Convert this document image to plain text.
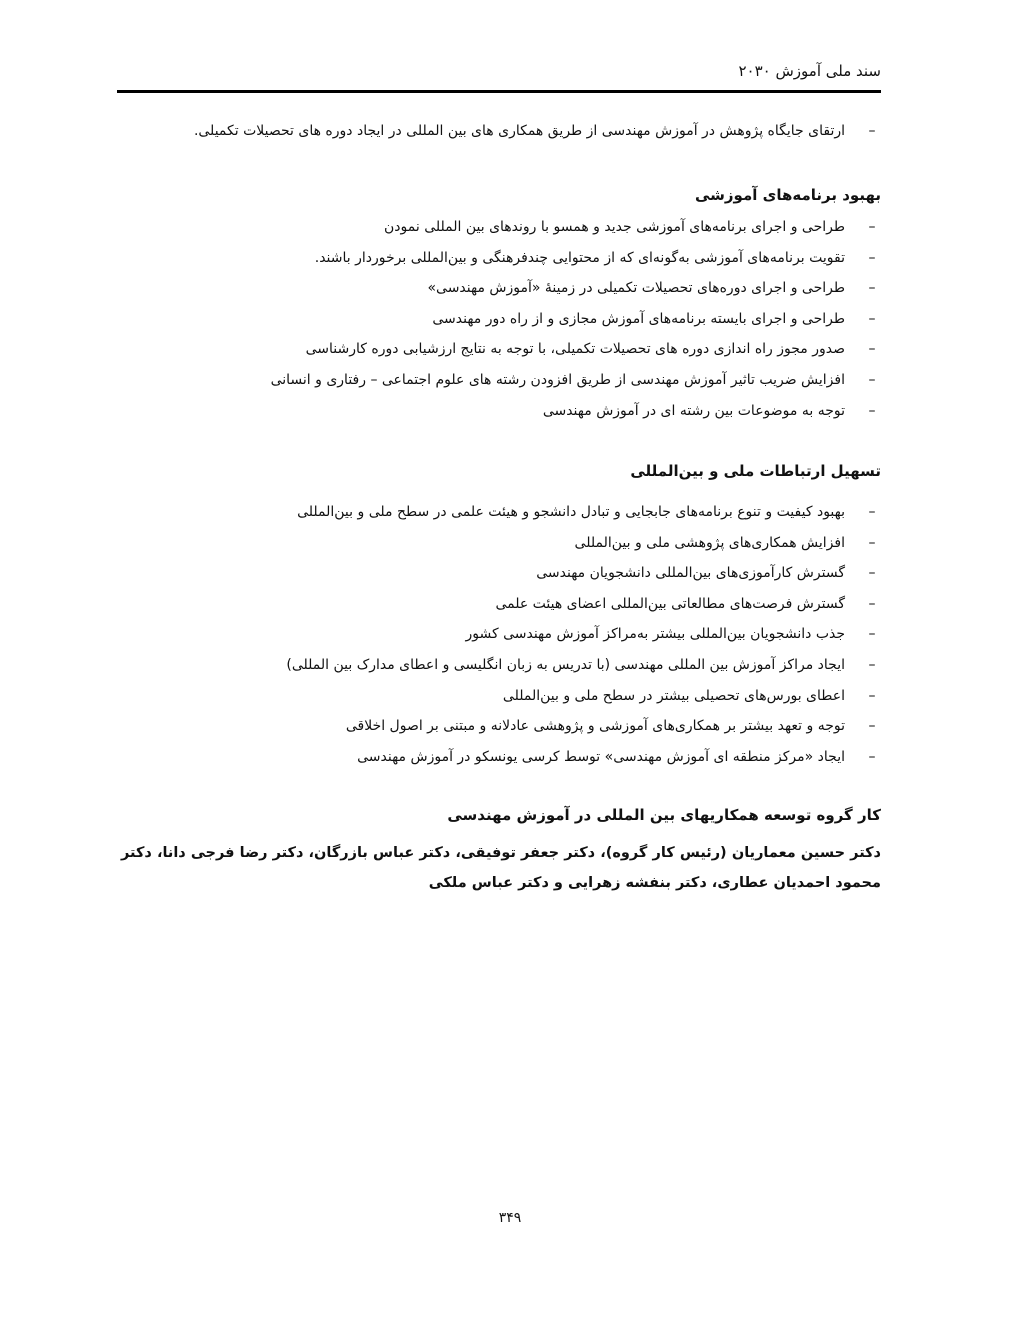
سند ملی آموزش ۲۰۳۰
–
ارتقای جایگاه پژوهش در آموزش مهندسی از طریق همکاری های بین المللی در ایجاد دوره های تحصیلات تکمیلی.
بهبود برنامه‌های آموزشی
–
طراحی و اجرای برنامه‌های آموزشی جدید و همسو با روندهای بین المللی نمودن
–
تقویت برنامه‌های آموزشی به‌گونه‌ای که از محتوایی چندفرهنگی و بین‌المللی برخوردار باشند.
–
طراحی و اجرای دوره‌های تحصیلات تکمیلی در زمینهٔ «آموزش مهندسی»
–
طراحی و اجرای بایسته برنامه‌های آموزش مجازی و از راه دور مهندسی
–
صدور مجوز راه اندازی دوره های تحصیلات تکمیلی، با توجه به نتایج ارزشیابی دوره کارشناسی
–
افزایش ضریب تاثیر آموزش مهندسی از طریق افزودن رشته های علوم اجتماعی – رفتاری و انسانی
–
توجه به موضوعات بین رشته ای در آموزش مهندسی
تسهیل ارتباطات ملی و بین‌المللی
–
بهبود کیفیت و تنوع برنامه‌های جابجایی و تبادل دانشجو و هیئت علمی در سطح ملی و بین‌المللی
–
افزایش همکاری‌های پژوهشی ملی و بین‌المللی
–
گسترش کارآموزی‌های بین‌المللی دانشجویان مهندسی
–
گسترش فرصت‌های مطالعاتی بین‌المللی اعضای هیئت علمی
–
جذب دانشجویان بین‌المللی بیشتر به‌مراکز آموزش مهندسی کشور
–
ایجاد مراکز آموزش بین المللی مهندسی (با تدریس به زبان انگلیسی و اعطای مدارک بین المللی)
–
اعطای بورس‌های تحصیلی بیشتر در سطح ملی و بین‌المللی
–
توجه و تعهد بیشتر بر همکاری‌های آموزشی و پژوهشی عادلانه و مبتنی بر اصول اخلاقی
–
ایجاد «مرکز منطقه ای آموزش مهندسی» توسط کرسی یونسکو در آموزش مهندسی
کار گروه توسعه همکاریهای بین المللی در آموزش مهندسی
دکتر حسین معماریان (رئیس کار گروه)، دکتر جعفر توفیقی، دکتر عباس بازرگان، دکتر رضا فرجی دانا، دکتر محمود احمدیان عطاری، دکتر بنفشه زهرایی و دکتر عباس ملکی
۳۴۹
